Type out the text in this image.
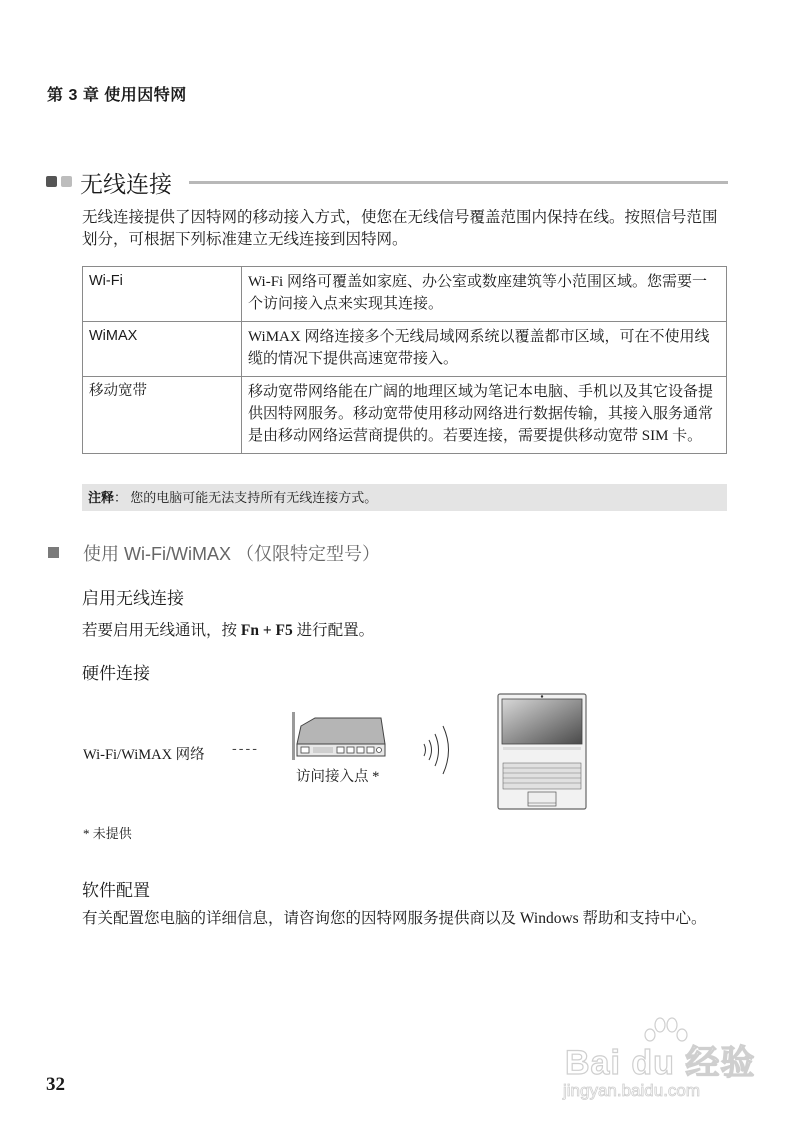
第 3 章 使用因特网
无线连接
无线连接提供了因特网的移动接入方式，使您在无线信号覆盖范围内保持在线。按照信号范围划分，可根据下列标准建立无线连接到因特网。
Wi-Fi	Wi-Fi 网络可覆盖如家庭、办公室或数座建筑等小范围区域。您需要一个访问接入点来实现其连接。
WiMAX	WiMAX 网络连接多个无线局域网系统以覆盖都市区域，可在不使用线缆的情况下提供高速宽带接入。
移动宽带	移动宽带网络能在广阔的地理区域为笔记本电脑、手机以及其它设备提供因特网服务。移动宽带使用移动网络进行数据传输，其接入服务通常是由移动网络运营商提供的。若要连接，需要提供移动宽带 SIM 卡。
注释： 您的电脑可能无法支持所有无线连接方式。
使用 Wi-Fi/WiMAX （仅限特定型号）
启用无线连接
若要启用无线通讯，按 Fn + F5 进行配置。
硬件连接
Wi-Fi/WiMAX 网络 ----
访问接入点 *
* 未提供
软件配置
有关配置您电脑的详细信息，请咨询您的因特网服务提供商以及 Windows 帮助和支持中心。
32
Bai du 经验
jingyan.baidu.com
